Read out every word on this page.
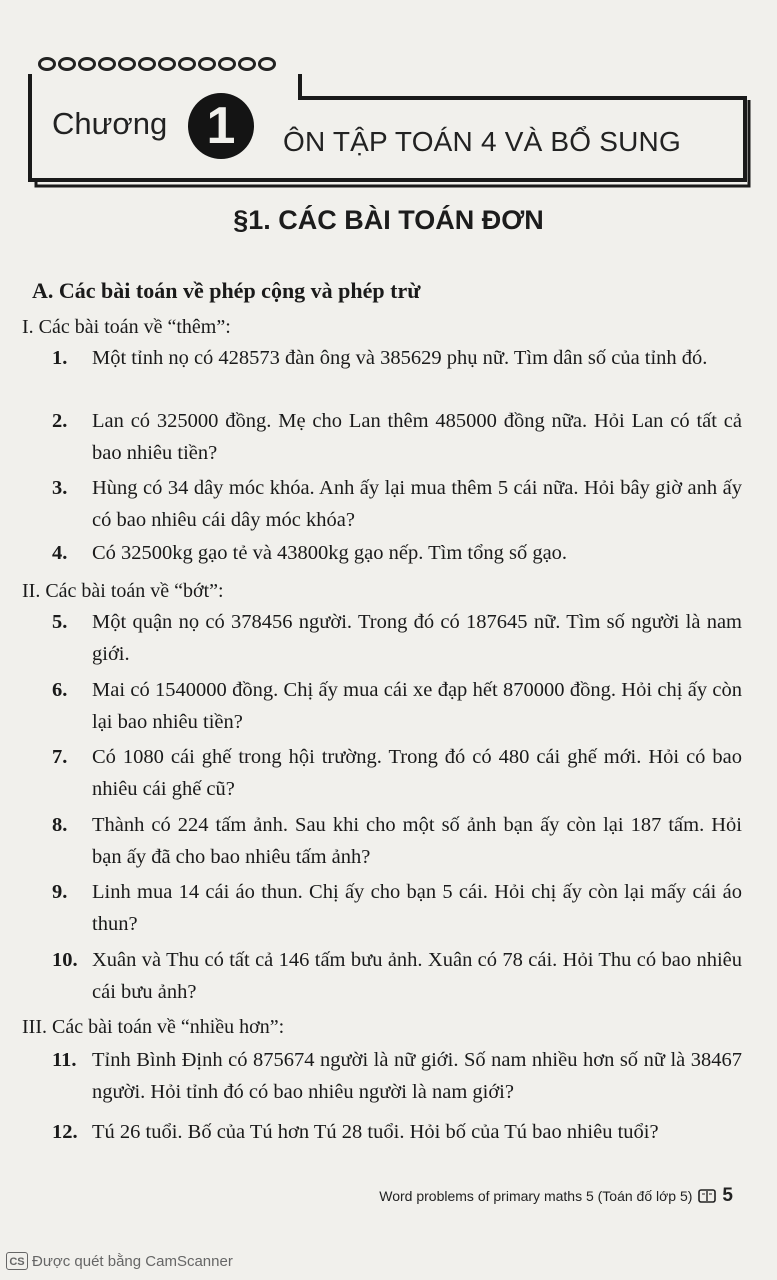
Chương 1	ÔN TẬP TOÁN 4 VÀ BỔ SUNG
§1. CÁC BÀI TOÁN ĐƠN
A. Các bài toán về phép cộng và phép trừ
I. Các bài toán về “thêm”:
1.	Một tỉnh nọ có 428573 đàn ông và 385629 phụ nữ. Tìm dân số của tỉnh đó.
2.	Lan có 325000 đồng. Mẹ cho Lan thêm 485000 đồng nữa. Hỏi Lan có tất cả bao nhiêu tiền?
3.	Hùng có 34 dây móc khóa. Anh ấy lại mua thêm 5 cái nữa. Hỏi bây giờ anh ấy có bao nhiêu cái dây móc khóa?
4.	Có 32500kg gạo tẻ và 43800kg gạo nếp. Tìm tổng số gạo.
II. Các bài toán về “bớt”:
5.	Một quận nọ có 378456 người. Trong đó có 187645 nữ. Tìm số người là nam giới.
6.	Mai có 1540000 đồng. Chị ấy mua cái xe đạp hết 870000 đồng. Hỏi chị ấy còn lại bao nhiêu tiền?
7.	Có 1080 cái ghế trong hội trường. Trong đó có 480 cái ghế mới. Hỏi có bao nhiêu cái ghế cũ?
8.	Thành có 224 tấm ảnh. Sau khi cho một số ảnh bạn ấy còn lại 187 tấm. Hỏi bạn ấy đã cho bao nhiêu tấm ảnh?
9.	Linh mua 14 cái áo thun. Chị ấy cho bạn 5 cái. Hỏi chị ấy còn lại mấy cái áo thun?
10. Xuân và Thu có tất cả 146 tấm bưu ảnh. Xuân có 78 cái. Hỏi Thu có bao nhiêu cái bưu ảnh?
III. Các bài toán về “nhiều hơn”:
11. Tỉnh Bình Định có 875674 người là nữ giới. Số nam nhiều hơn số nữ là 38467 người. Hỏi tỉnh đó có bao nhiêu người là nam giới?
12. Tú 26 tuổi. Bố của Tú hơn Tú 28 tuổi. Hỏi bố của Tú bao nhiêu tuổi?
Word problems of primary maths 5 (Toán đố lớp 5) 5
CS Được quét bằng CamScanner
